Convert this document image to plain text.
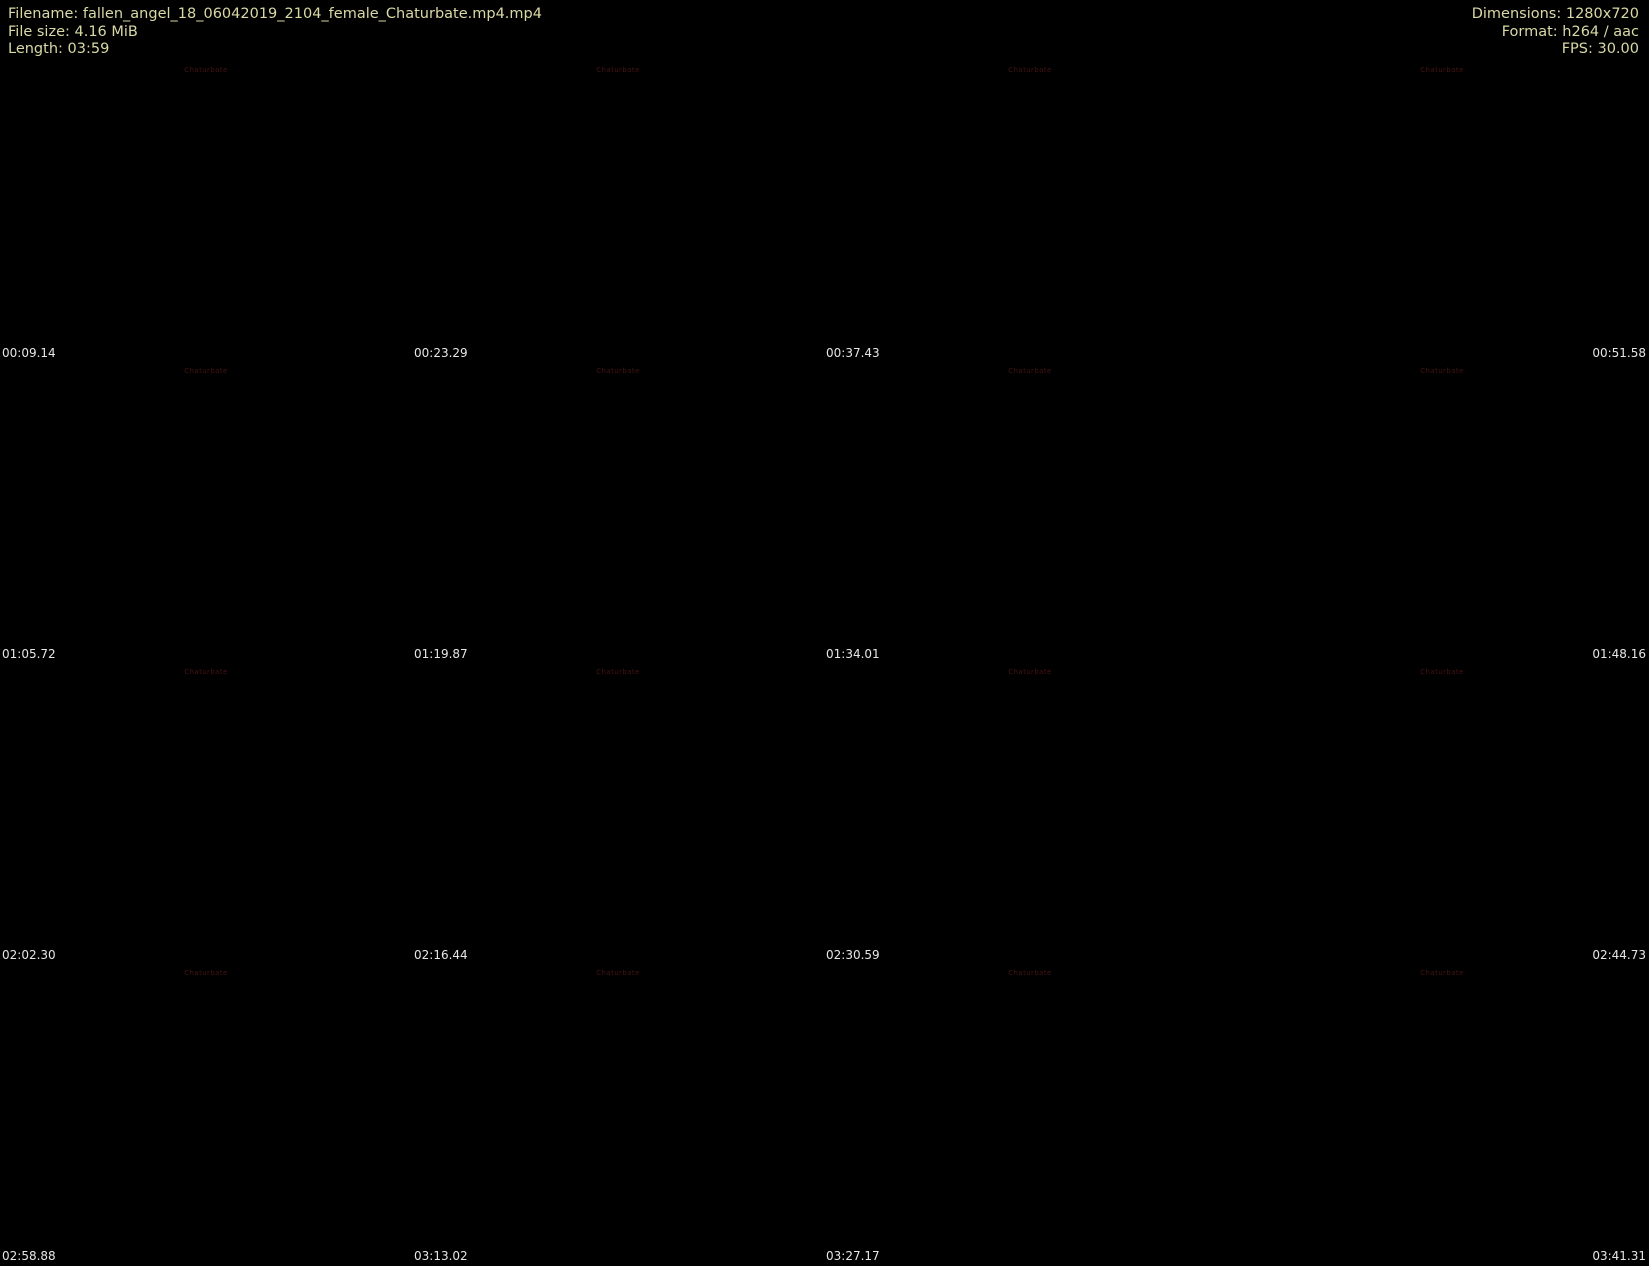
Filename: fallen_angel_18_06042019_2104_female_Chaturbate.mp4.mp4
File size: 4.16 MiB
Length: 03:59
Dimensions: 1280x720
Format: h264 / aac
FPS: 30.00
Chaturbate
00:09.14
Chaturbate
00:23.29
Chaturbate
00:37.43
Chaturbate
00:51.58
Chaturbate
01:05.72
Chaturbate
01:19.87
Chaturbate
01:34.01
Chaturbate
01:48.16
Chaturbate
02:02.30
Chaturbate
02:16.44
Chaturbate
02:30.59
Chaturbate
02:44.73
Chaturbate
02:58.88
Chaturbate
03:13.02
Chaturbate
03:27.17
Chaturbate
03:41.31
